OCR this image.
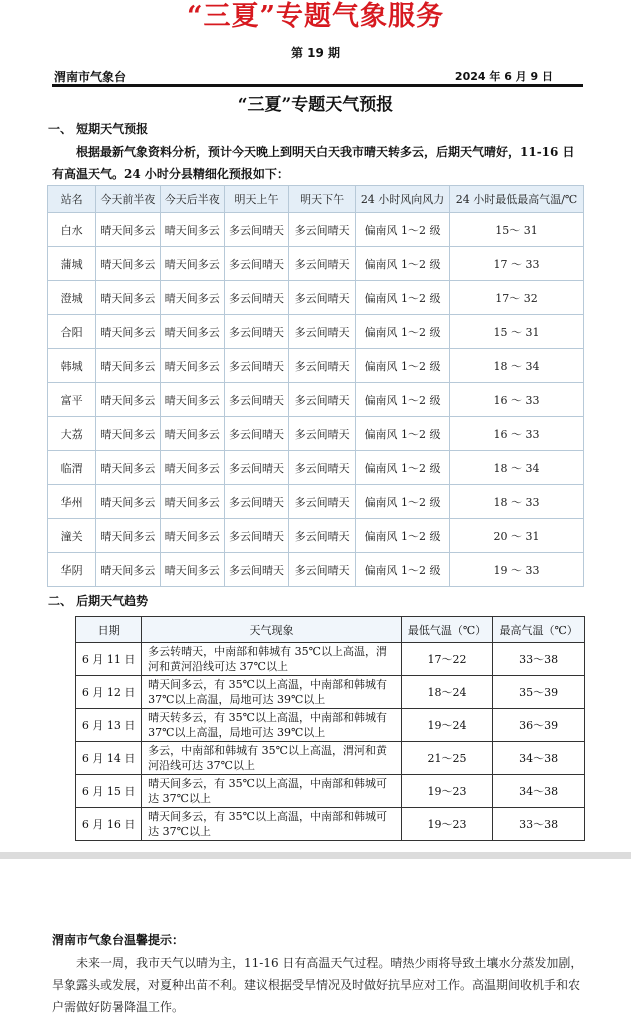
“三夏”专题气象服务
第 19 期
渭南市气象台	2024 年 6 月 9 日
“三夏”专题天气预报
一、 短期天气预报

根据最新气象资料分析，预计今天晚上到明天白天我市晴天转多云，后期天气晴好，11-16 日有高温天气。24 小时分县精细化预报如下：

站名	今天前半夜	今天后半夜	明天上午	明天下午	24 小时风向风力	24 小时最低最高气温/℃
白水	晴天间多云	晴天间多云	多云间晴天	多云间晴天	偏南风 1～2 级	15～ 31
蒲城	晴天间多云	晴天间多云	多云间晴天	多云间晴天	偏南风 1～2 级	17 ～ 33
澄城	晴天间多云	晴天间多云	多云间晴天	多云间晴天	偏南风 1～2 级	17～ 32
合阳	晴天间多云	晴天间多云	多云间晴天	多云间晴天	偏南风 1～2 级	15 ～ 31
韩城	晴天间多云	晴天间多云	多云间晴天	多云间晴天	偏南风 1～2 级	18 ～ 34
富平	晴天间多云	晴天间多云	多云间晴天	多云间晴天	偏南风 1～2 级	16 ～ 33
大荔	晴天间多云	晴天间多云	多云间晴天	多云间晴天	偏南风 1～2 级	16 ～ 33
临渭	晴天间多云	晴天间多云	多云间晴天	多云间晴天	偏南风 1～2 级	18 ～ 34
华州	晴天间多云	晴天间多云	多云间晴天	多云间晴天	偏南风 1～2 级	18 ～ 33
潼关	晴天间多云	晴天间多云	多云间晴天	多云间晴天	偏南风 1～2 级	20 ～ 31
华阴	晴天间多云	晴天间多云	多云间晴天	多云间晴天	偏南风 1～2 级	19 ～ 33
二、 后期天气趋势
日期	天气现象	最低气温（℃）	最高气温（℃）
6 月 11 日	多云转晴天，中南部和韩城有 35℃以上高温，渭河和黄河沿线可达 37℃以上	17～22	33～38
6 月 12 日	晴天间多云，有 35℃以上高温，中南部和韩城有 37℃以上高温，局地可达 39℃以上	18～24	35～39
6 月 13 日	晴天转多云，有 35℃以上高温，中南部和韩城有 37℃以上高温，局地可达 39℃以上	19～24	36～39
6 月 14 日	多云，中南部和韩城有 35℃以上高温，渭河和黄河沿线可达 37℃以上	21～25	34～38
6 月 15 日	晴天间多云，有 35℃以上高温，中南部和韩城可达 37℃以上	19～23	34～38
6 月 16 日	晴天间多云，有 35℃以上高温，中南部和韩城可达 37℃以上	19～23	33～38
渭南市气象台温馨提示：

未来一周，我市天气以晴为主，11-16 日有高温天气过程。晴热少雨将导致土壤水分蒸发加剧，旱象露头或发展，对夏种出苗不利。建议根据受旱情况及时做好抗旱应对工作。高温期间收机手和农户需做好防暑降温工作。
